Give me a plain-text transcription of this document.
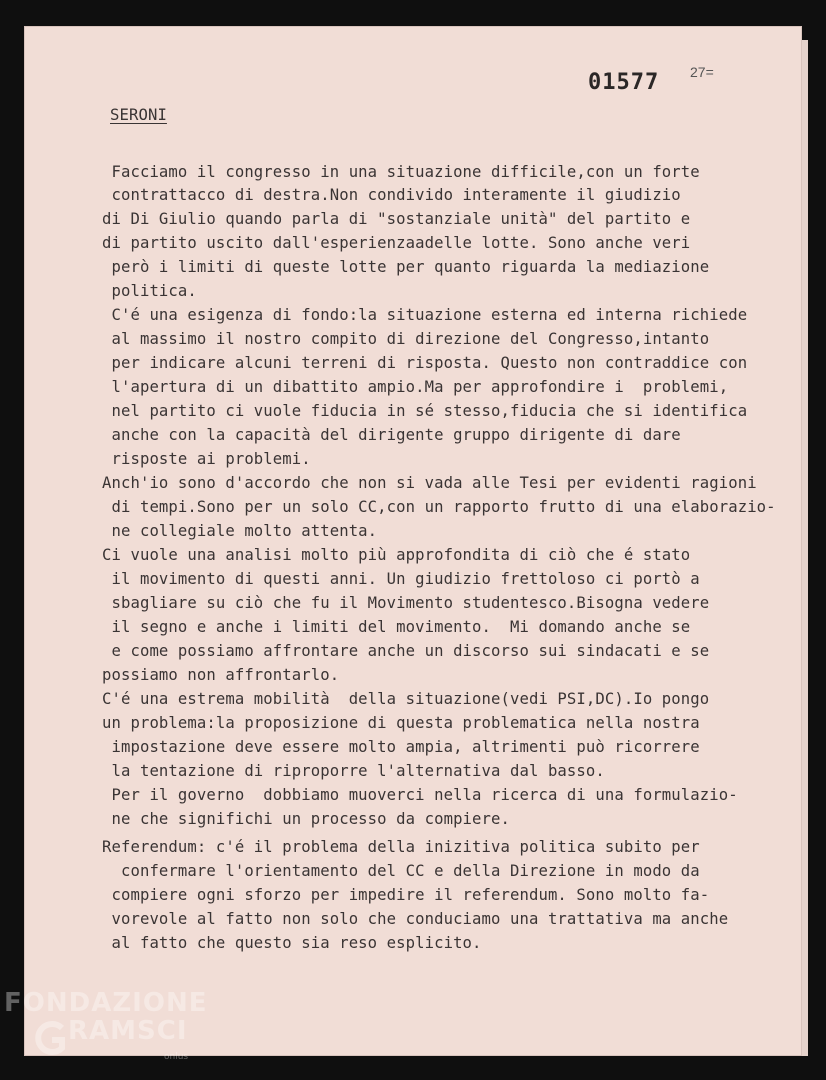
01577 27=
SERONI
Facciamo il congresso in una situazione difficile,con un forte
contrattacco di destra.Non condivido interamente il giudizio
di Di Giulio quando parla di "sostanziale unità" del partito e
di partito uscito dall'esperienzaadelle lotte. Sono anche veri
però i limiti di queste lotte per quanto riguarda la mediazione
politica.
C'é una esigenza di fondo:la situazione esterna ed interna richiede
al massimo il nostro compito di direzione del Congresso,intanto
per indicare alcuni terreni di risposta. Questo non contraddice con
l'apertura di un dibattito ampio.Ma per approfondire i  problemi,
nel partito ci vuole fiducia in sé stesso,fiducia che si identifica
anche con la capacità del dirigente gruppo dirigente di dare
risposte ai problemi.
Anch'io sono d'accordo che non si vada alle Tesi per evidenti ragioni
di tempi.Sono per un solo CC,con un rapporto frutto di una elaborazio-
ne collegiale molto attenta.
Ci vuole una analisi molto più approfondita di ciò che é stato
il movimento di questi anni. Un giudizio frettoloso ci portò a
sbagliare su ciò che fu il Movimento studentesco.Bisogna vedere
il segno e anche i limiti del movimento.  Mi domando anche se
e come possiamo affrontare anche un discorso sui sindacati e se
possiamo non affrontarlo.
C'é una estrema mobilità  della situazione(vedi PSI,DC).Io pongo
un problema:la proposizione di questa problematica nella nostra
impostazione deve essere molto ampia, altrimenti può ricorrere
la tentazione di riproporre l'alternativa dal basso.
Per il governo  dobbiamo muoverci nella ricerca di una formulazio-
ne che significhi un processo da compiere.
Referendum: c'é il problema della inizitiva politica subito per
confermare l'orientamento del CC e della Direzione in modo da
compiere ogni sforzo per impedire il referendum. Sono molto fa-
vorevole al fatto non solo che conduciamo una trattativa ma anche
al fatto che questo sia reso esplicito.
FONDAZIONE
RAMSCI
onlus
